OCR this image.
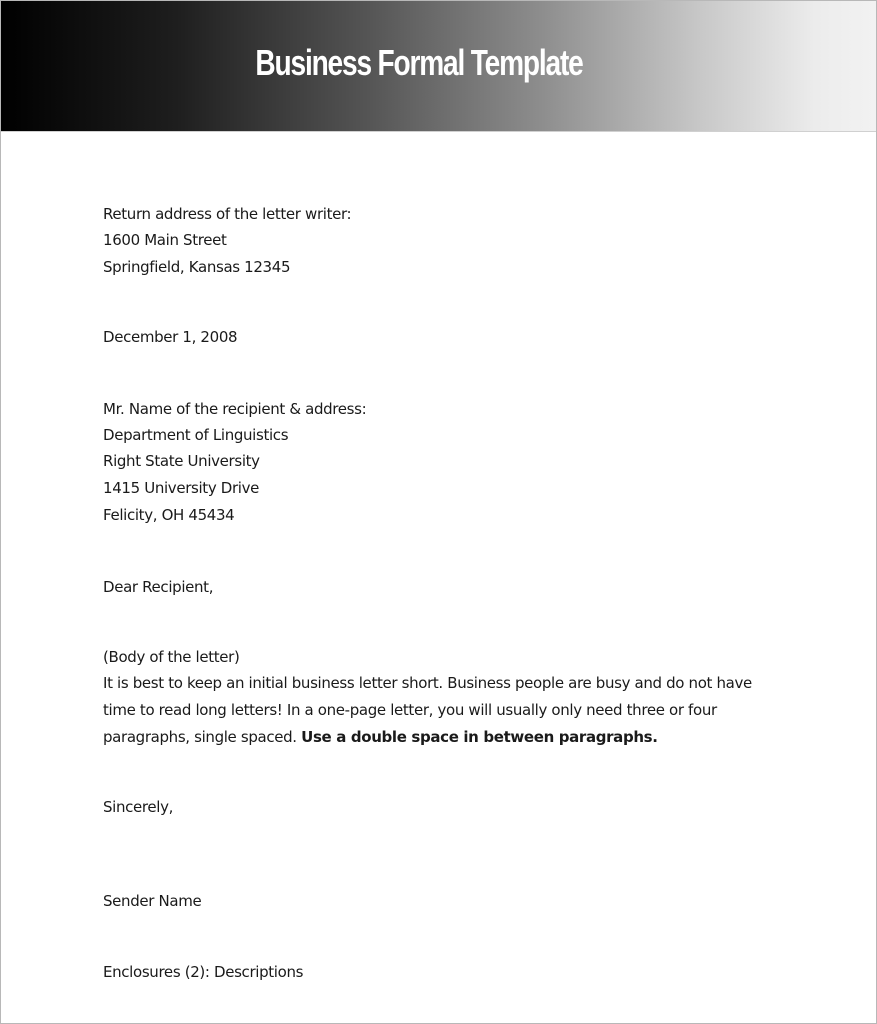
Business Formal Template
Return address of the letter writer:
1600 Main Street
Springfield, Kansas 12345
December 1, 2008
Mr. Name of the recipient & address:
Department of Linguistics
Right State University
1415 University Drive
Felicity, OH 45434
Dear Recipient,
(Body of the letter)
It is best to keep an initial business letter short. Business people are busy and do not have
time to read long letters! In a one-page letter, you will usually only need three or four
paragraphs, single spaced. Use a double space in between paragraphs.
Sincerely,
Sender Name
Enclosures (2): Descriptions
